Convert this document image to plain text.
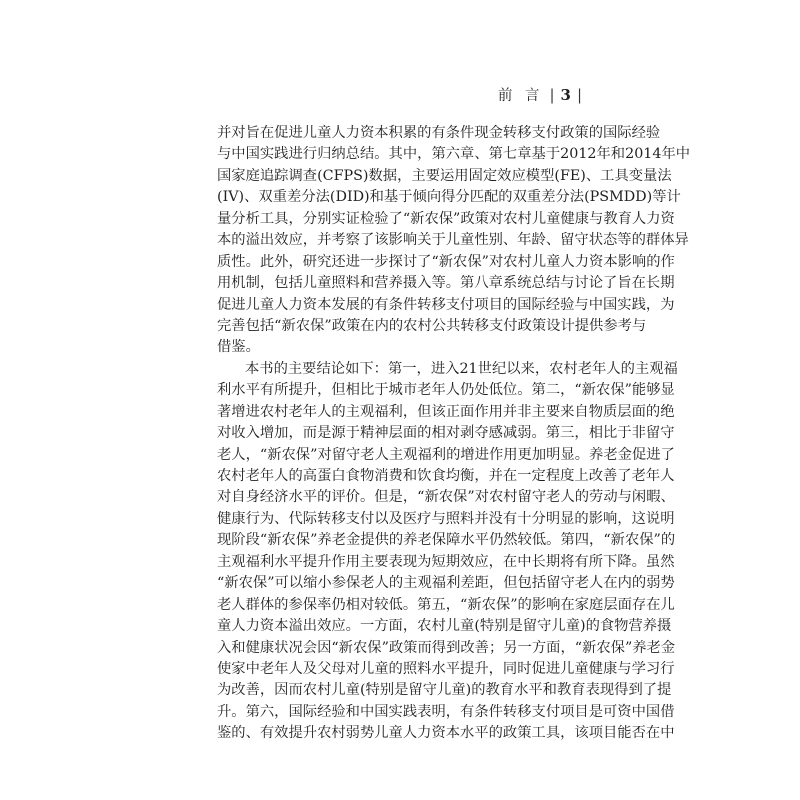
前 言 | 3 |
并对旨在促进儿童人力资本积累的有条件现金转移支付政策的国际经验
与中国实践进行归纳总结。其中，第六章、第七章基于2012年和2014年中
国家庭追踪调查(CFPS)数据，主要运用固定效应模型(FE)、工具变量法
(IV)、双重差分法(DID)和基于倾向得分匹配的双重差分法(PSMDD)等计
量分析工具，分别实证检验了“新农保”政策对农村儿童健康与教育人力资
本的溢出效应，并考察了该影响关于儿童性别、年龄、留守状态等的群体异
质性。此外，研究还进一步探讨了“新农保”对农村儿童人力资本影响的作
用机制，包括儿童照料和营养摄入等。第八章系统总结与讨论了旨在长期
促进儿童人力资本发展的有条件转移支付项目的国际经验与中国实践，为
完善包括“新农保”政策在内的农村公共转移支付政策设计提供参考与
借鉴。
本书的主要结论如下：第一，进入21世纪以来，农村老年人的主观福
利水平有所提升，但相比于城市老年人仍处低位。第二，“新农保”能够显
著增进农村老年人的主观福利，但该正面作用并非主要来自物质层面的绝
对收入增加，而是源于精神层面的相对剥夺感减弱。第三，相比于非留守
老人，“新农保”对留守老人主观福利的增进作用更加明显。养老金促进了
农村老年人的高蛋白食物消费和饮食均衡，并在一定程度上改善了老年人
对自身经济水平的评价。但是，“新农保”对农村留守老人的劳动与闲暇、
健康行为、代际转移支付以及医疗与照料并没有十分明显的影响，这说明
现阶段“新农保”养老金提供的养老保障水平仍然较低。第四，“新农保”的
主观福利水平提升作用主要表现为短期效应，在中长期将有所下降。虽然
“新农保”可以缩小参保老人的主观福利差距，但包括留守老人在内的弱势
老人群体的参保率仍相对较低。第五，“新农保”的影响在家庭层面存在儿
童人力资本溢出效应。一方面，农村儿童(特别是留守儿童)的食物营养摄
入和健康状况会因“新农保”政策而得到改善；另一方面，“新农保”养老金
使家中老年人及父母对儿童的照料水平提升，同时促进儿童健康与学习行
为改善，因而农村儿童(特别是留守儿童)的教育水平和教育表现得到了提
升。第六，国际经验和中国实践表明，有条件转移支付项目是可资中国借
鉴的、有效提升农村弱势儿童人力资本水平的政策工具，该项目能否在中
